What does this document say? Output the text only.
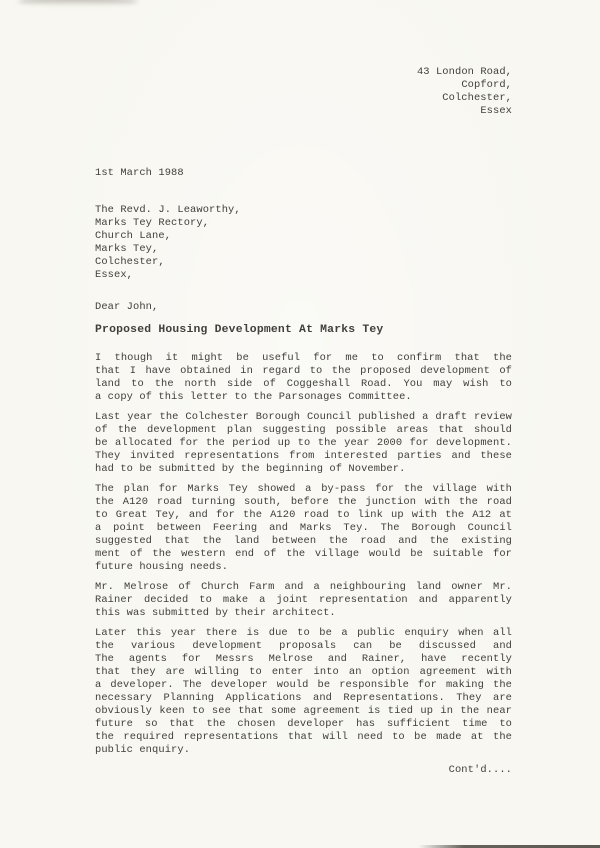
43 London Road,
Copford,
Colchester,
Essex
1st March 1988
The Revd. J. Leaworthy,
Marks Tey Rectory,
Church Lane,
Marks Tey,
Colchester,
Essex,
Dear John,
Proposed Housing Development At Marks Tey
I though it might be useful for me to confirm that the
that I have obtained in regard to the proposed development of
land to the north side of Coggeshall Road. You may wish to
a copy of this letter to the Parsonages Committee.
Last year the Colchester Borough Council published a draft review
of the development plan suggesting possible areas that should
be allocated for the period up to the year 2000 for development.
They invited representations from interested parties and these
had to be submitted by the beginning of November.
The plan for Marks Tey showed a by-pass for the village with
the A120 road turning south, before the junction with the road
to Great Tey, and for the A120 road to link up with the A12 at
a point between Feering and Marks Tey. The Borough Council
suggested that the land between the road and the existing
ment of the western end of the village would be suitable for
future housing needs.
Mr. Melrose of Church Farm and a neighbouring land owner Mr.
Rainer decided to make a joint representation and apparently
this was submitted by their architect.
Later this year there is due to be a public enquiry when all
the various development proposals can be discussed and
The agents for Messrs Melrose and Rainer, have recently
that they are willing to enter into an option agreement with
a developer. The developer would be responsible for making the
necessary Planning Applications and Representations. They are
obviously keen to see that some agreement is tied up in the near
future so that the chosen developer has sufficient time to
the required representations that will need to be made at the
public enquiry.
Cont'd....
